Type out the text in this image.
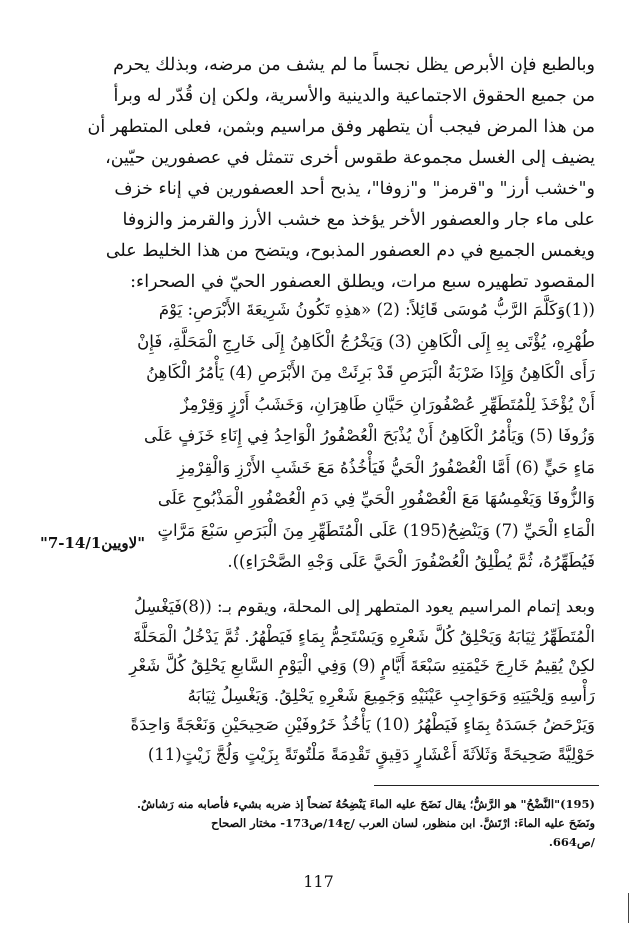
وبالطبع فإن الأبرص يظل نجساً ما لم يشف من مرضه، وبذلك يحرم
من جميع الحقوق الاجتماعية والدينية والأسرية، ولكن إن قُدّر له وبرأ
من هذا المرض فيجب أن يتطهر وفق مراسيم وبثمن، فعلى المتطهر أن
يضيف إلى الغسل مجموعة طقوس أخرى تتمثل في عصفورين حيّين،
و"خشب أرز" و"قرمز" و"زوفا"، يذبح أحد العصفورين في إناء خزف
على ماء جار والعصفور الأخر يؤخذ مع خشب الأرز والقرمز والزوفا
ويغمس الجميع في دم العصفور المذبوح، ويتضح من هذا الخليط على
المقصود تطهيره سبع مرات، ويطلق العصفور الحيّ في الصحراء:

((1)وَكَلَّمَ الرَّبُّ مُوسَى قَائِلاً: (2) «هذِهِ تَكُونُ شَرِيعَةَ الأَبْرَصِ: يَوْمَ
طُهْرِهِ، يُؤْتَى بِهِ إِلَى الْكَاهِنِ (3) وَيَخْرُجُ الْكَاهِنُ إِلَى خَارِجِ الْمَحَلَّةِ، فَإِنْ
رَأَى الْكَاهِنُ وَإِذَا ضَرْبَةُ الْبَرَصِ قَدْ بَرِئَتْ مِنَ الأَبْرَصِ (4) يَأْمُرُ الْكَاهِنُ
أَنْ يُؤْخَذَ لِلْمُتَطَهِّرِ عُصْفُورَانِ حَيَّانِ طَاهِرَانِ، وَخَشَبُ أَرْزٍ وَقِرْمِزٌ
وَزُوفَا (5) وَيَأْمُرُ الْكَاهِنُ أَنْ يُذْبَحَ الْعُصْفُورُ الْوَاحِدُ فِي إِنَاءِ خَزَفٍ عَلَى
مَاءٍ حَيٍّ (6) أَمَّا الْعُصْفُورُ الْحَيُّ فَيَأْخُذُهُ مَعَ خَشَبِ الأَرْزِ وَالْقِرْمِزِ
وَالزُّوفَا وَيَغْمِسُهَا مَعَ الْعُصْفُورِ الْحَيِّ فِي دَمِ الْعُصْفُورِ الْمَذْبُوحِ عَلَى
الْمَاءِ الْحَيِّ (7) وَيَنْضِحُ(195) عَلَى الْمُتَطَهِّرِ مِنَ الْبَرَصِ سَبْعَ مَرَّاتٍ
فَيُطَهِّرُهُ، ثُمَّ يُطْلِقُ الْعُصْفُورَ الْحَيَّ عَلَى وَجْهِ الصَّحْرَاءِ)).

"لاويين14/1-7"

وبعد إتمام المراسيم يعود المتطهر إلى المحلة، ويقوم بـ: ((8)فَيَغْسِلُ
الْمُتَطَهِّرُ ثِيَابَهُ وَيَحْلِقُ كُلَّ شَعْرِهِ وَيَسْتَحِمُّ بِمَاءٍ فَيَطْهُرُ. ثُمَّ يَدْخُلُ الْمَحَلَّةَ
لكِنْ يُقِيمُ خَارِجَ خَيْمَتِهِ سَبْعَةَ أَيَّامٍ (9) وَفِي الْيَوْمِ السَّابعِ يَحْلِقُ كُلَّ شَعْرِ
رَأْسِهِ وَلِحْيَتِهِ وَحَوَاجِبِ عَيْنَيْهِ وَجَمِيعَ شَعْرِهِ يَحْلِقُ. وَيَغْسِلُ ثِيَابَهُ
وَيَرْحَضُ جَسَدَهُ بِمَاءٍ فَيَطْهُرُ (10) يَأْخُذُ خَرُوفَيْنِ صَحِيحَيْنِ وَنَعْجَةً وَاحِدَةً
حَوْلِيَّةً صَحِيحَةً وَثَلاَثَةَ أَعْشَارٍ دَقِيقٍ تَقْدِمَةً مَلْتُوتَةً بِزَيْتٍ وَلُجَّ زَيْتٍ(11)

(195)"النَّضْحُ" هو الرَّشُّ؛ يقال نَضَحَ عليه الماءَ يَنْضِحُهُ نَضحاً إذ ضربه بشيء فأصابه منه رَشاشٌ.
ونَضَحَ عليه الماءَ: ارْتَشَّ. ابن منظور، لسان العرب /ج14/ص173- مختار الصحاح
/ص664.

117
